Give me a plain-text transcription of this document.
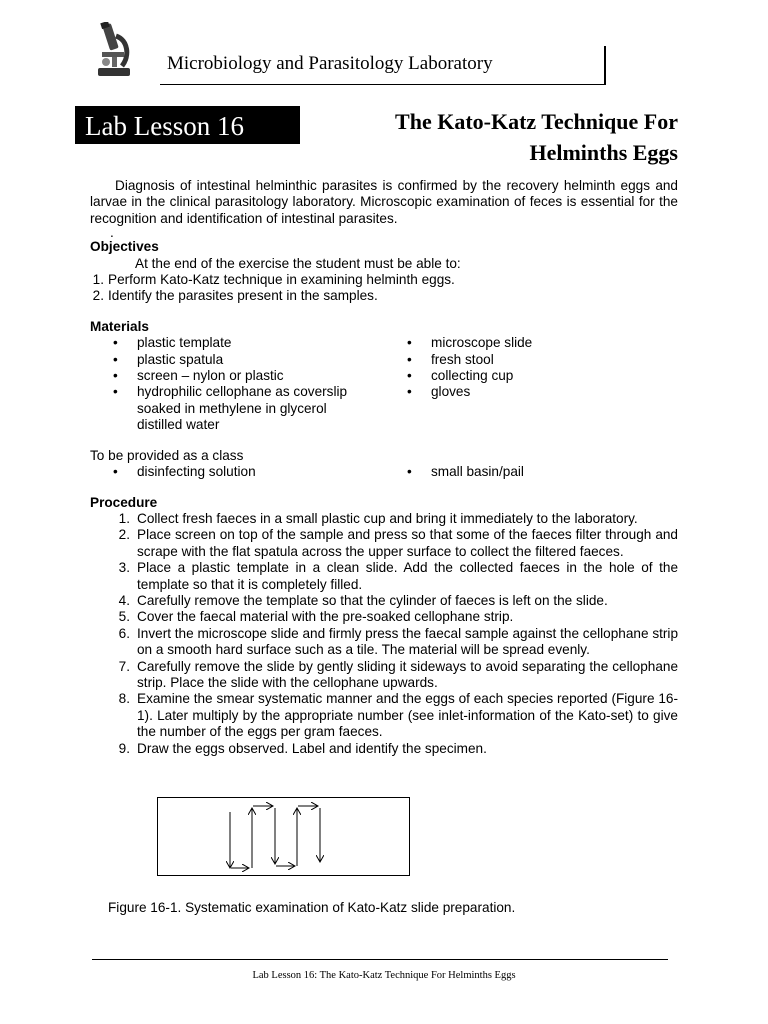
Microbiology and Parasitology Laboratory
Lab Lesson 16	The Kato-Katz Technique For
Helminths Eggs

Diagnosis of intestinal helminthic parasites is confirmed by the recovery helminth eggs and larvae in the clinical parasitology laboratory. Microscopic examination of feces is essential for the recognition and identification of intestinal parasites.

.

Objectives

At the end of the exercise the student must be able to:
1. Perform Kato-Katz technique in examining helminth eggs.
2. Identify the parasites present in the samples.

Materials

• plastic template
• plastic spatula
• screen – nylon or plastic
• hydrophilic cellophane as coverslip soaked in methylene in glycerol distilled water
• microscope slide
• fresh stool
• collecting cup
• gloves
To be provided as a class
• disinfecting solution	• small basin/pail

Procedure

1. Collect fresh faeces in a small plastic cup and bring it immediately to the laboratory.
2. Place screen on top of the sample and press so that some of the faeces filter through and scrape with the flat spatula across the upper surface to collect the filtered faeces.
3. Place a plastic template in a clean slide. Add the collected faeces in the hole of the template so that it is completely filled.
4. Carefully remove the template so that the cylinder of faeces is left on the slide.
5. Cover the faecal material with the pre-soaked cellophane strip.
6. Invert the microscope slide and firmly press the faecal sample against the cellophane strip on a smooth hard surface such as a tile. The material will be spread evenly.
7. Carefully remove the slide by gently sliding it sideways to avoid separating the cellophane strip. Place the slide with the cellophane upwards.
8. Examine the smear systematic manner and the eggs of each species reported (Figure 16-1). Later multiply by the appropriate number (see inlet-information of the Kato-set) to give the number of the eggs per gram faeces.
9. Draw the eggs observed. Label and identify the specimen.
Figure 16-1. Systematic examination of Kato-Katz slide preparation.
Lab Lesson 16: The Kato-Katz Technique For Helminths Eggs
